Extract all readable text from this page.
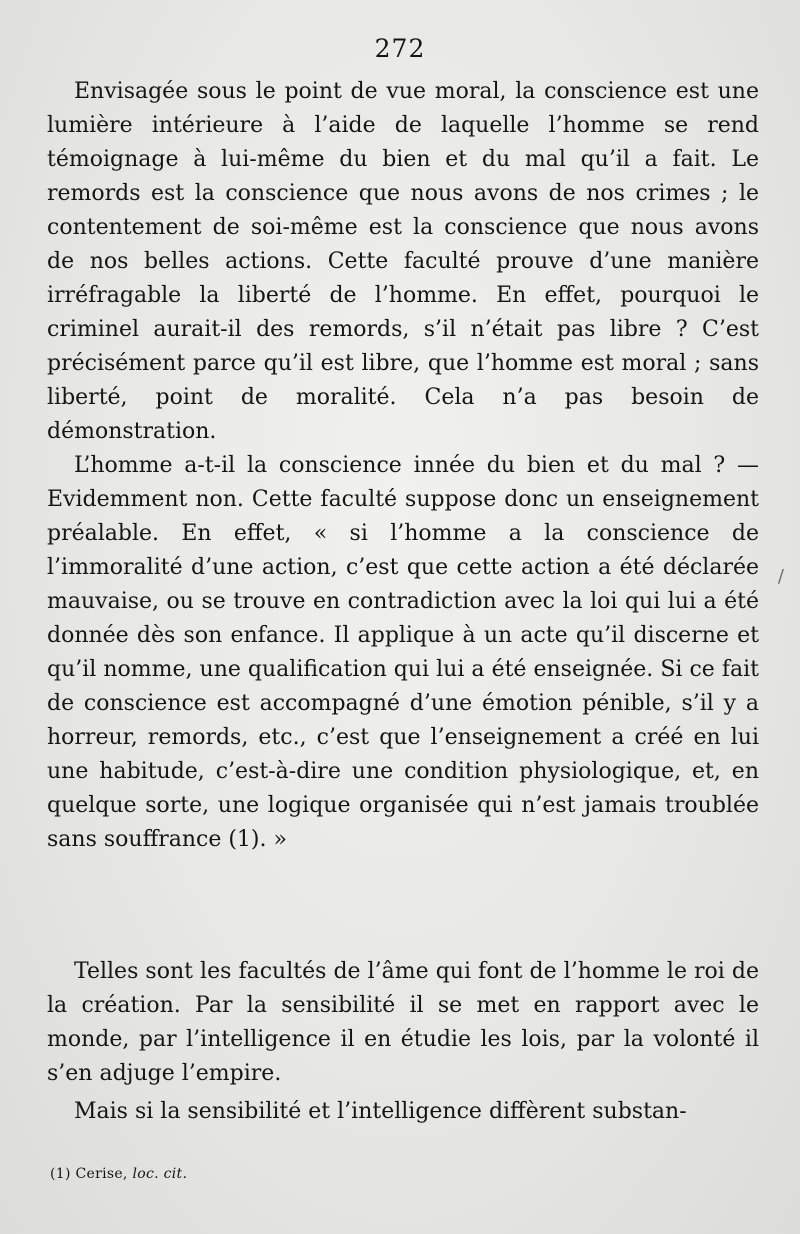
272

Envisagée sous le point de vue moral, la conscience est une lumière intérieure à l’aide de laquelle l’homme se rend témoignage à lui-même du bien et du mal qu’il a fait. Le remords est la conscience que nous avons de nos crimes ; le contentement de soi-même est la conscience que nous avons de nos belles actions. Cette faculté prouve d’une manière irréfragable la liberté de l’homme. En effet, pourquoi le criminel aurait-il des remords, s’il n’était pas libre ? C’est précisément parce qu’il est libre, que l’homme est moral ; sans liberté, point de moralité. Cela n’a pas besoin de démonstration.

L’homme a-t-il la conscience innée du bien et du mal ? —Evidemment non. Cette faculté suppose donc un enseignement préalable. En effet, « si l’homme a la conscience de l’immoralité d’une action, c’est que cette action a été déclarée mauvaise, ou se trouve en contradiction avec la loi qui lui a été donnée dès son enfance. Il applique à un acte qu’il discerne et qu’il nomme, une qualification qui lui a été enseignée. Si ce fait de conscience est accompagné d’une émotion pénible, s’il y a horreur, remords, etc., c’est que l’enseignement a créé en lui une habitude, c’est-à-dire une condition physiologique, et, en quelque sorte, une logique organisée qui n’est jamais troublée sans souffrance (1). »

Telles sont les facultés de l’âme qui font de l’homme le roi de la création. Par la sensibilité il se met en rapport avec le monde, par l’intelligence il en étudie les lois, par la volonté il s’en adjuge l’empire.

Mais si la sensibilité et l’intelligence diffèrent substan-

(1) Cerise, loc. cit.
/
